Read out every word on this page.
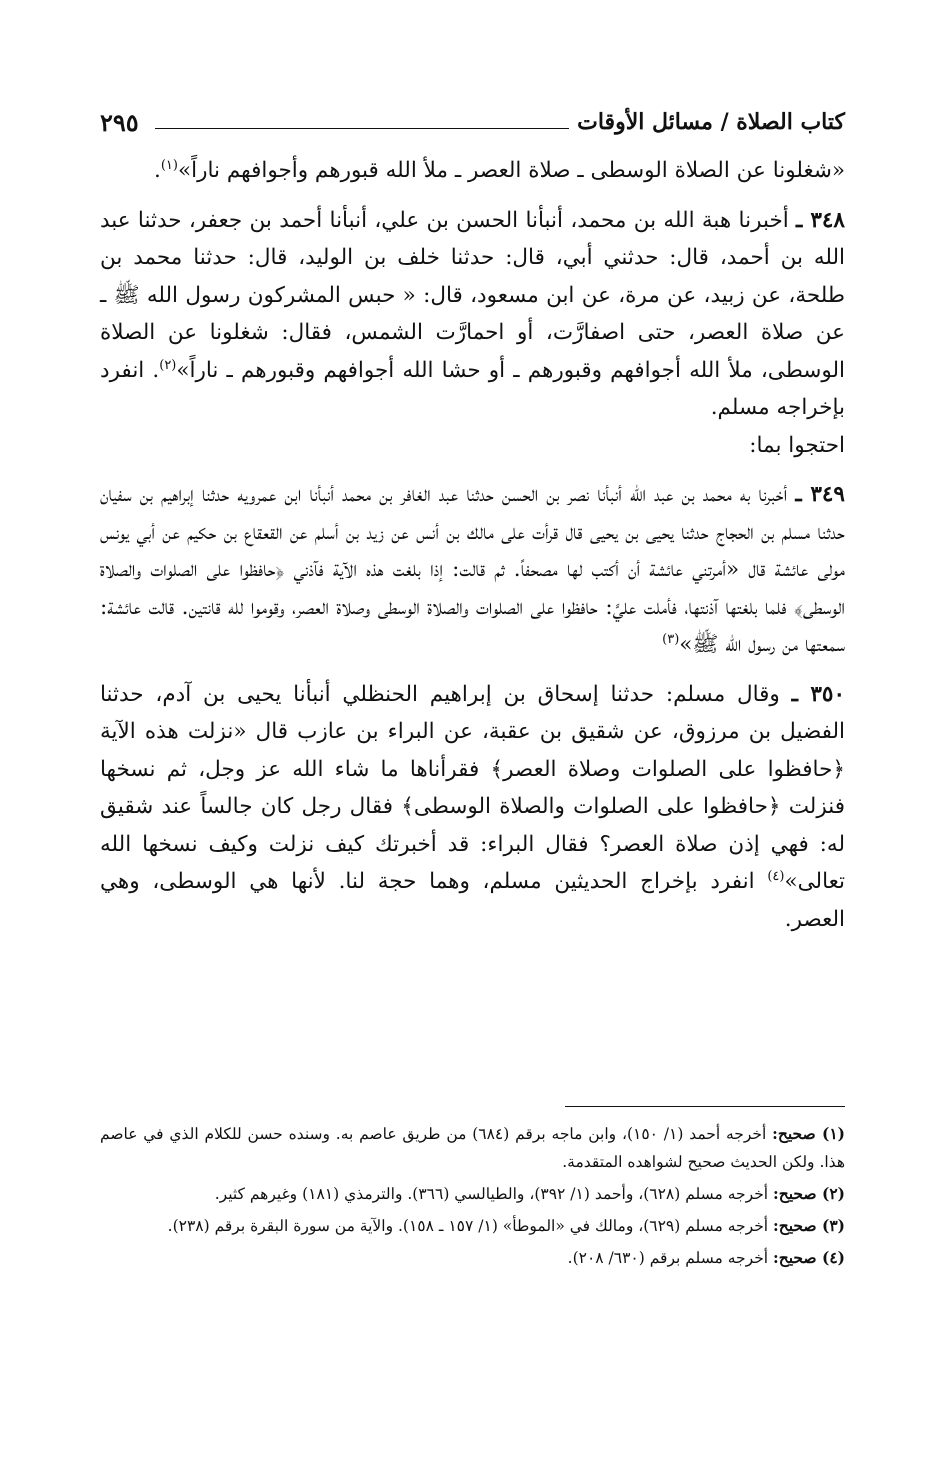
كتاب الصلاة / مسائل الأوقات
٢٩٥

«شغلونا عن الصلاة الوسطى ـ صلاة العصر ـ ملأ الله قبورهم وأجوافهم ناراً»$^{(١)}$.

٣٤٨ ـ أخبرنا هبة الله بن محمد، أنبأنا الحسن بن علي، أنبأنا أحمد بن جعفر، حدثنا عبد الله بن أحمد، قال: حدثني أبي، قال: حدثنا خلف بن الوليد، قال: حدثنا محمد بن طلحة، عن زبيد، عن مرة، عن ابن مسعود، قال: « حبس المشركون رسول الله ﷺ ـ عن صلاة العصر، حتى اصفارَّت، أو احمارَّت الشمس، فقال: شغلونا عن الصلاة الوسطى، ملأ الله أجوافهم وقبورهم ـ أو حشا الله أجوافهم وقبورهم ـ ناراً»$^{(٢)}$. انفرد بإخراجه مسلم.

احتجوا بما:

٣٤٩ ـ أخبرنا به محمد بن عبد الله أنبأنا نصر بن الحسن حدثنا عبد الغافر بن محمد أنبأنا ابن عمرويه حدثنا إبراهيم بن سفيان حدثنا مسلم بن الحجاج حدثنا يحيى بن يحيى قال قرأت على مالك بن أنس عن زيد بن أسلم عن القعقاع بن حكيم عن أبي يونس مولى عائشة قال «أمرتني عائشة أن أكتب لها مصحفاً. ثم قالت: إذا بلغت هذه الآية فآذني ﴿حافظوا على الصلوات والصلاة الوسطى﴾ فلما بلغتها آذنتها، فأملت عليَّ: حافظوا على الصلوات والصلاة الوسطى وصلاة العصر، وقوموا لله قانتين. قالت عائشة: سمعتها من رسول الله ﷺ»$^{(٣)}$

٣٥٠ ـ وقال مسلم: حدثنا إسحاق بن إبراهيم الحنظلي أنبأنا يحيى بن آدم، حدثنا الفضيل بن مرزوق، عن شقيق بن عقبة، عن البراء بن عازب قال «نزلت هذه الآية ﴿حافظوا على الصلوات وصلاة العصر﴾ فقرأناها ما شاء الله عز وجل، ثم نسخها فنزلت ﴿حافظوا على الصلوات والصلاة الوسطى﴾ فقال رجل كان جالساً عند شقيق له: فهي إذن صلاة العصر؟ فقال البراء: قد أخبرتك كيف نزلت وكيف نسخها الله تعالى»$^{(٤)}$ انفرد بإخراج الحديثين مسلم، وهما حجة لنا. لأنها هي الوسطى، وهي العصر.

(١) صحيح: أخرجه أحمد (١/ ١٥٠)، وابن ماجه برقم (٦٨٤) من طريق عاصم به. وسنده حسن للكلام الذي في عاصم هذا. ولكن الحديث صحيح لشواهده المتقدمة.
(٢) صحيح: أخرجه مسلم (٦٢٨)، وأحمد (١/ ٣٩٢)، والطيالسي (٣٦٦). والترمذي (١٨١) وغيرهم كثير.
(٣) صحيح: أخرجه مسلم (٦٢٩)، ومالك في «الموطأ» (١/ ١٥٧ ـ ١٥٨). والآية من سورة البقرة برقم (٢٣٨).
(٤) صحيح: أخرجه مسلم برقم (٦٣٠/ ٢٠٨).
